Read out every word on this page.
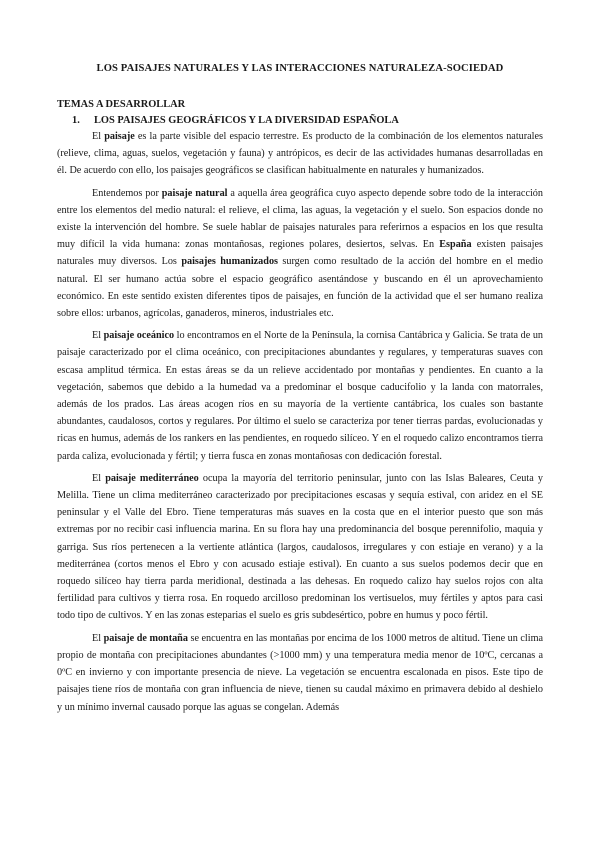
LOS PAISAJES NATURALES Y LAS INTERACCIONES NATURALEZA-SOCIEDAD
TEMAS A DESARROLLAR
1. LOS PAISAJES GEOGRÁFICOS Y LA DIVERSIDAD ESPAÑOLA

El paisaje es la parte visible del espacio terrestre. Es producto de la combinación de los elementos naturales (relieve, clima, aguas, suelos, vegetación y fauna) y antrópicos, es decir de las actividades humanas desarrolladas en él. De acuerdo con ello, los paisajes geográficos se clasifican habitualmente en naturales y humanizados.

Entendemos por paisaje natural a aquella área geográfica cuyo aspecto depende sobre todo de la interacción entre los elementos del medio natural: el relieve, el clima, las aguas, la vegetación y el suelo. Son espacios donde no existe la intervención del hombre. Se suele hablar de paisajes naturales para referirnos a espacios en los que resulta muy difícil la vida humana: zonas montañosas, regiones polares, desiertos, selvas. En España existen paisajes naturales muy diversos. Los paisajes humanizados surgen como resultado de la acción del hombre en el medio natural. El ser humano actúa sobre el espacio geográfico asentándose y buscando en él un aprovechamiento económico. En este sentido existen diferentes tipos de paisajes, en función de la actividad que el ser humano realiza sobre ellos: urbanos, agrícolas, ganaderos, mineros, industriales etc.

El paisaje oceánico lo encontramos en el Norte de la Península, la cornisa Cantábrica y Galicia. Se trata de un paisaje caracterizado por el clima oceánico, con precipitaciones abundantes y regulares, y temperaturas suaves con escasa amplitud térmica. En estas áreas se da un relieve accidentado por montañas y pendientes. En cuanto a la vegetación, sabemos que debido a la humedad va a predominar el bosque caducifolio y la landa con matorrales, además de los prados. Las áreas acogen ríos en su mayoría de la vertiente cantábrica, los cuales son bastante abundantes, caudalosos, cortos y regulares. Por último el suelo se caracteriza por tener tierras pardas, evolucionadas y ricas en humus, además de los rankers en las pendientes, en roquedo silíceo. Y en el roquedo calizo encontramos tierra parda caliza, evolucionada y fértil; y tierra fusca en zonas montañosas con dedicación forestal.

El paisaje mediterráneo ocupa la mayoría del territorio peninsular, junto con las Islas Baleares, Ceuta y Melilla. Tiene un clima mediterráneo caracterizado por precipitaciones escasas y sequía estival, con aridez en el SE peninsular y el Valle del Ebro. Tiene temperaturas más suaves en la costa que en el interior puesto que son más extremas por no recibir casi influencia marina. En su flora hay una predominancia del bosque perennifolio, maquia y garriga. Sus ríos pertenecen a la vertiente atlántica (largos, caudalosos, irregulares y con estiaje en verano) y a la mediterránea (cortos menos el Ebro y con acusado estiaje estival). En cuanto a sus suelos podemos decir que en roquedo silíceo hay tierra parda meridional, destinada a las dehesas. En roquedo calizo hay suelos rojos con alta fertilidad para cultivos y tierra rosa. En roquedo arcilloso predominan los vertisuelos, muy fértiles y aptos para casi todo tipo de cultivos. Y en las zonas esteparias el suelo es gris subdesértico, pobre en humus y poco fértil.

El paisaje de montaña se encuentra en las montañas por encima de los 1000 metros de altitud. Tiene un clima propio de montaña con precipitaciones abundantes (>1000 mm) y una temperatura media menor de 10ºC, cercanas a 0ºC en invierno y con importante presencia de nieve. La vegetación se encuentra escalonada en pisos. Este tipo de paisajes tiene ríos de montaña con gran influencia de nieve, tienen su caudal máximo en primavera debido al deshielo y un mínimo invernal causado porque las aguas se congelan. Además
